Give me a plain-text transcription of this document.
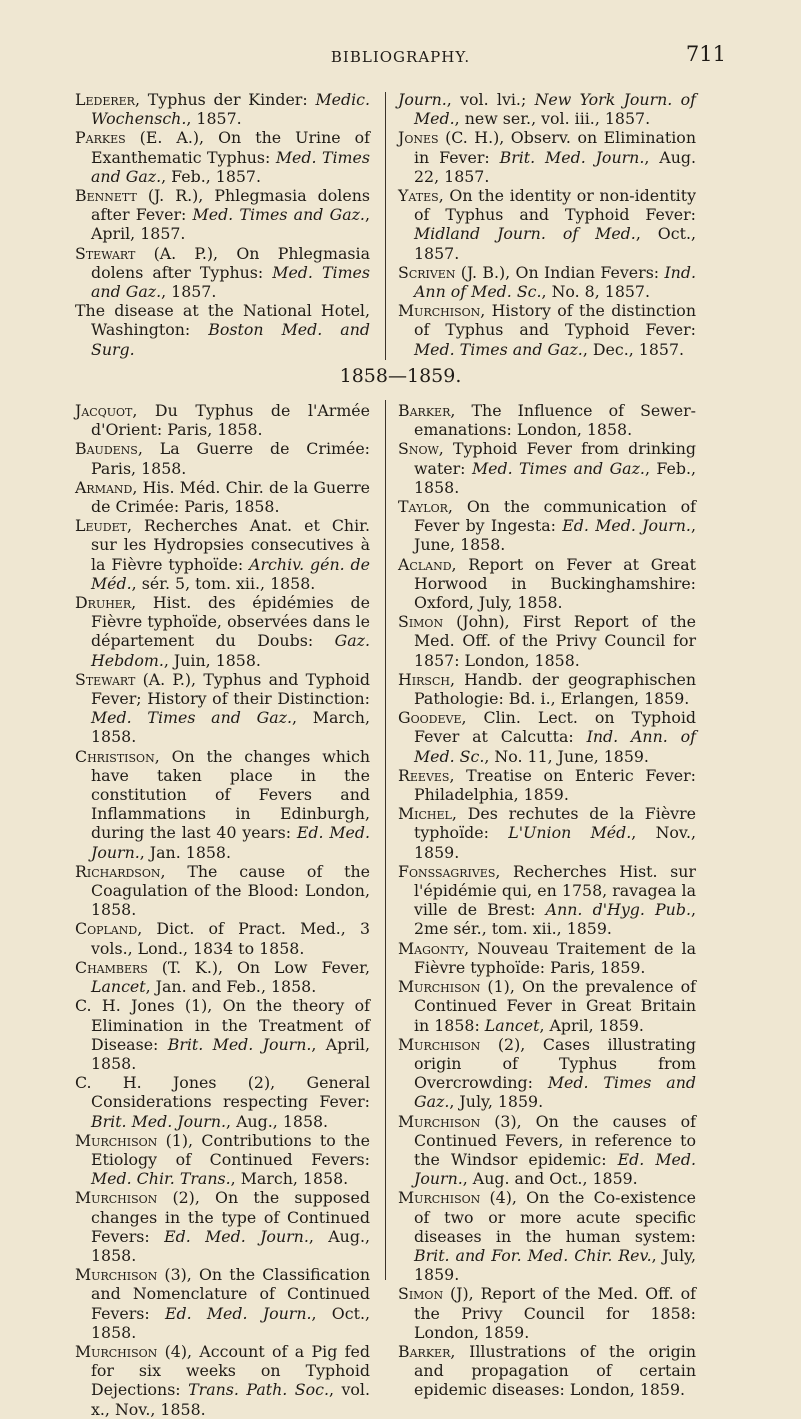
BIBLIOGRAPHY.	711

Lederer, Typhus der Kinder: Medic. Wochensch., 1857.

Parkes (E. A.), On the Urine of Exanthematic Typhus: Med. Times and Gaz., Feb., 1857.

Bennett (J. R.), Phlegmasia dolens after Fever: Med. Times and Gaz., April, 1857.

Stewart (A. P.), On Phlegmasia dolens after Typhus: Med. Times and Gaz., 1857.

The disease at the National Hotel, Washington: Boston Med. and Surg.

Journ., vol. lvi.; New York Journ. of Med., new ser., vol. iii., 1857.

Jones (C. H.), Observ. on Elimination in Fever: Brit. Med. Journ., Aug. 22, 1857.

Yates, On the identity or non-identity of Typhus and Typhoid Fever: Midland Journ. of Med., Oct., 1857.

Scriven (J. B.), On Indian Fevers: Ind. Ann of Med. Sc., No. 8, 1857.

Murchison, History of the distinction of Typhus and Typhoid Fever: Med. Times and Gaz., Dec., 1857.

1858—1859.

Jacquot, Du Typhus de l'Armée d'Orient: Paris, 1858.

Baudens, La Guerre de Crimée: Paris, 1858.

Armand, His. Méd. Chir. de la Guerre de Crimée: Paris, 1858.

Leudet, Recherches Anat. et Chir. sur les Hydropsies consecutives à la Fièvre typhoïde: Archiv. gén. de Méd., sér. 5, tom. xii., 1858.

Druher, Hist. des épidémies de Fièvre typhoïde, observées dans le département du Doubs: Gaz. Hebdom., Juin, 1858.

Stewart (A. P.), Typhus and Typhoid Fever; History of their Distinction: Med. Times and Gaz., March, 1858.

Christison, On the changes which have taken place in the constitution of Fevers and Inflammations in Edinburgh, during the last 40 years: Ed. Med. Journ., Jan. 1858.

Richardson, The cause of the Coagulation of the Blood: London, 1858.

Copland, Dict. of Pract. Med., 3 vols., Lond., 1834 to 1858.

Chambers (T. K.), On Low Fever, Lancet, Jan. and Feb., 1858.

C. H. Jones (1), On the theory of Elimination in the Treatment of Disease: Brit. Med. Journ., April, 1858.

C. H. Jones (2), General Considerations respecting Fever: Brit. Med. Journ., Aug., 1858.

Murchison (1), Contributions to the Etiology of Continued Fevers: Med. Chir. Trans., March, 1858.

Murchison (2), On the supposed changes in the type of Continued Fevers: Ed. Med. Journ., Aug., 1858.

Murchison (3), On the Classification and Nomenclature of Continued Fevers: Ed. Med. Journ., Oct., 1858.

Murchison (4), Account of a Pig fed for six weeks on Typhoid Dejections: Trans. Path. Soc., vol. x., Nov., 1858.

Barker, The Influence of Sewer-emanations: London, 1858.

Snow, Typhoid Fever from drinking water: Med. Times and Gaz., Feb., 1858.

Taylor, On the communication of Fever by Ingesta: Ed. Med. Journ., June, 1858.

Acland, Report on Fever at Great Horwood in Buckinghamshire: Oxford, July, 1858.

Simon (John), First Report of the Med. Off. of the Privy Council for 1857: London, 1858.

Hirsch, Handb. der geographischen Pathologie: Bd. i., Erlangen, 1859.

Goodeve, Clin. Lect. on Typhoid Fever at Calcutta: Ind. Ann. of Med. Sc., No. 11, June, 1859.

Reeves, Treatise on Enteric Fever: Philadelphia, 1859.

Michel, Des rechutes de la Fièvre typhoïde: L'Union Méd., Nov., 1859.

Fonssagrives, Recherches Hist. sur l'épidémie qui, en 1758, ravagea la ville de Brest: Ann. d'Hyg. Pub., 2me sér., tom. xii., 1859.

Magonty, Nouveau Traitement de la Fièvre typhoïde: Paris, 1859.

Murchison (1), On the prevalence of Continued Fever in Great Britain in 1858: Lancet, April, 1859.

Murchison (2), Cases illustrating origin of Typhus from Overcrowding: Med. Times and Gaz., July, 1859.

Murchison (3), On the causes of Continued Fevers, in reference to the Windsor epidemic: Ed. Med. Journ., Aug. and Oct., 1859.

Murchison (4), On the Co-existence of two or more acute specific diseases in the human system: Brit. and For. Med. Chir. Rev., July, 1859.

Simon (J), Report of the Med. Off. of the Privy Council for 1858: London, 1859.

Barker, Illustrations of the origin and propagation of certain epidemic diseases: London, 1859.
